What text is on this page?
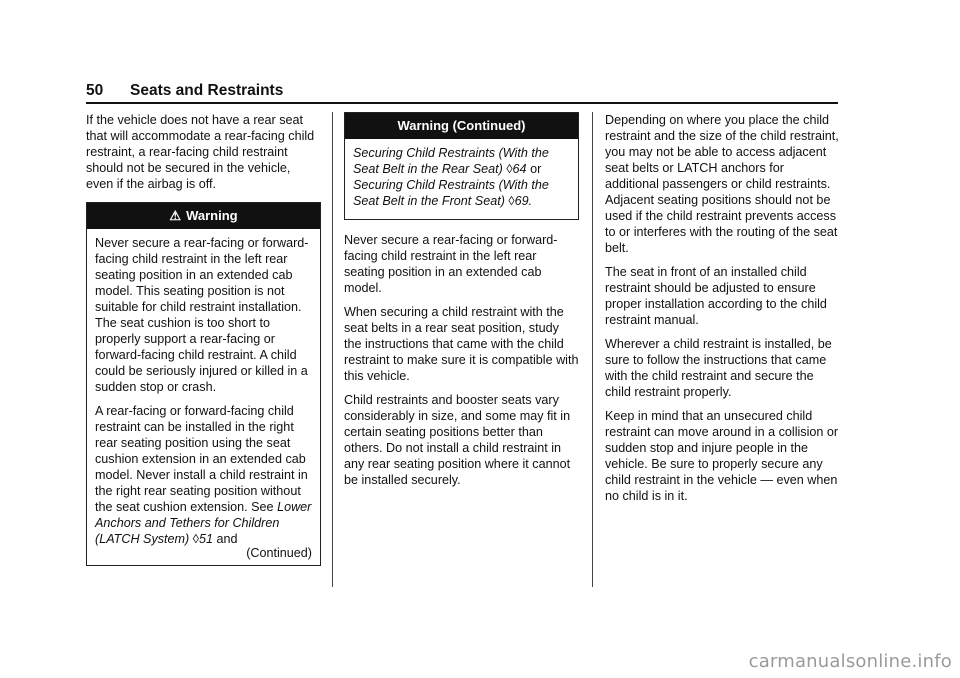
50 Seats and Restraints

If the vehicle does not have a rear seat that will accommodate a rear-facing child restraint, a rear-facing child restraint should not be secured in the vehicle, even if the airbag is off.

⚠ Warning

Never secure a rear-facing or forward-facing child restraint in the left rear seating position in an extended cab model. This seating position is not suitable for child restraint installation. The seat cushion is too short to properly support a rear-facing or forward-facing child restraint. A child could be seriously injured or killed in a sudden stop or crash.

A rear-facing or forward-facing child restraint can be installed in the right rear seating position using the seat cushion extension in an extended cab model. Never install a child restraint in the right rear seating position without the seat cushion extension. See Lower Anchors and Tethers for Children (LATCH System) ◊51 and

(Continued)
Warning (Continued)

Securing Child Restraints (With the Seat Belt in the Rear Seat) ◊64 or Securing Child Restraints (With the Seat Belt in the Front Seat) ◊69.

Never secure a rear-facing or forward-facing child restraint in the left rear seating position in an extended cab model.

When securing a child restraint with the seat belts in a rear seat position, study the instructions that came with the child restraint to make sure it is compatible with this vehicle.

Child restraints and booster seats vary considerably in size, and some may fit in certain seating positions better than others. Do not install a child restraint in any rear seating position where it cannot be installed securely.

Depending on where you place the child restraint and the size of the child restraint, you may not be able to access adjacent seat belts or LATCH anchors for additional passengers or child restraints. Adjacent seating positions should not be used if the child restraint prevents access to or interferes with the routing of the seat belt.

The seat in front of an installed child restraint should be adjusted to ensure proper installation according to the child restraint manual.

Wherever a child restraint is installed, be sure to follow the instructions that came with the child restraint and secure the child restraint properly.

Keep in mind that an unsecured child restraint can move around in a collision or sudden stop and injure people in the vehicle. Be sure to properly secure any child restraint in the vehicle — even when no child is in it.

carmanualsonline.info
